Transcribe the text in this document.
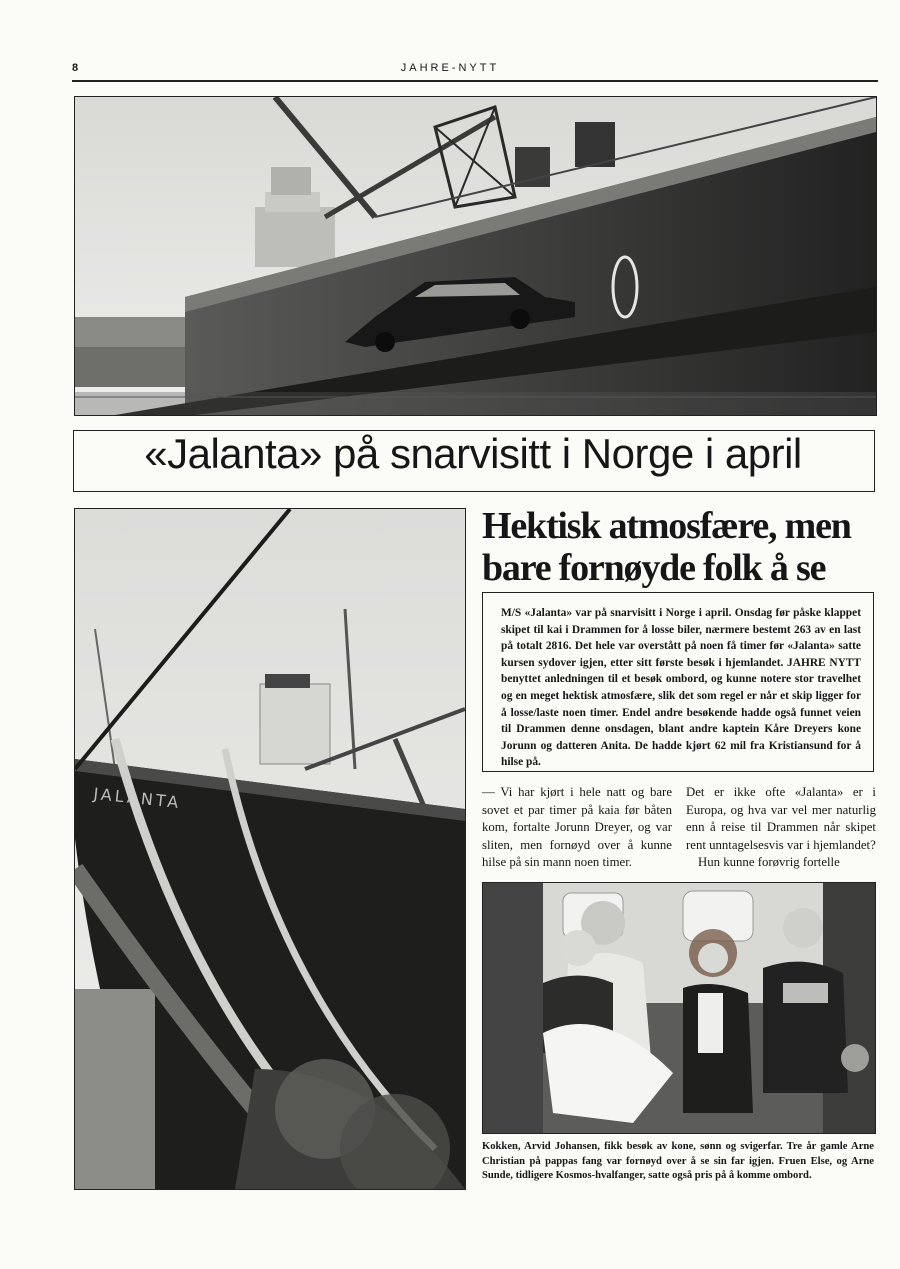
8	JAHRE-NYTT
«Jalanta» på snarvisitt i Norge i april
JALANTA
Hektisk atmosfære, men bare fornøyde folk å se
M/S «Jalanta» var på snarvisitt i Norge i april. Onsdag før påske klappet skipet til kai i Drammen for å losse biler, nærmere bestemt 263 av en last på totalt 2816. Det hele var overstått på noen få timer før «Jalanta» satte kursen sydover igjen, etter sitt første besøk i hjemlandet. JAHRE NYTT benyttet anledningen til et besøk ombord, og kunne notere stor travelhet og en meget hektisk atmosfære, slik det som regel er når et skip ligger for å losse/laste noen timer. Endel andre besøkende hadde også funnet veien til Drammen denne onsdagen, blant andre kaptein Kåre Dreyers kone Jorunn og datteren Anita. De hadde kjørt 62 mil fra Kristiansund for å hilse på.

— Vi har kjørt i hele natt og bare sovet et par timer på kaia før båten kom, fortalte Jorunn Dreyer, og var sliten, men fornøyd over å kunne hilse på sin mann noen timer.

Det er ikke ofte «Jalanta» er i Europa, og hva var vel mer naturlig enn å reise til Drammen når skipet rent unntagelsesvis var i hjemlandet?

Hun kunne forøvrig fortelle

Kokken, Arvid Johansen, fikk besøk av kone, sønn og svigerfar. Tre år gamle Arne Christian på pappas fang var fornøyd over å se sin far igjen. Fruen Else, og Arne Sunde, tidligere Kosmos-hvalfanger, satte også pris på å komme ombord.
